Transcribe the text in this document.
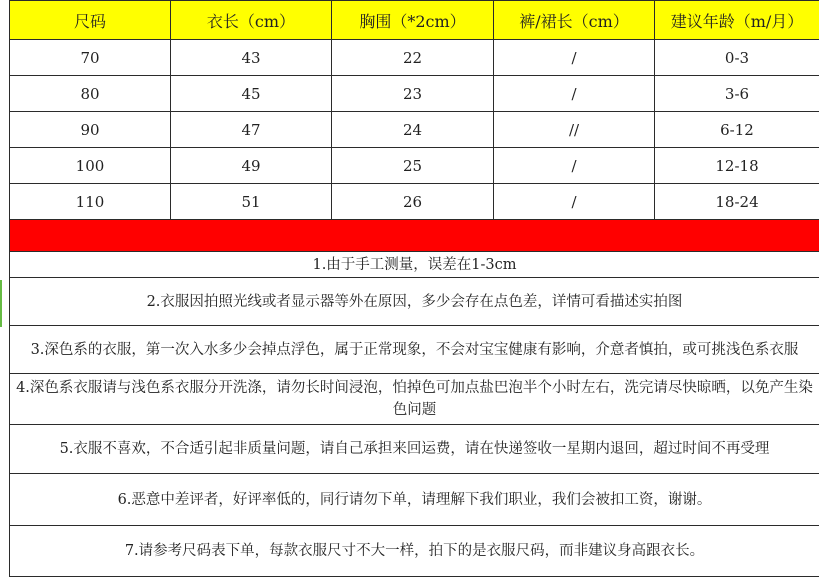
尺码	衣长（cm）	胸围（*2cm）	裤/裙长（cm）	建议年龄（m/月）
70	43	22	/	0-3
80	45	23	/	3-6
90	47	24	//	6-12
100	49	25	/	12-18
110	51	26	/	18-24

1.由于手工测量，误差在1-3cm				
2.衣服因拍照光线或者显示器等外在原因，多少会存在点色差，详情可看描述实拍图				
3.深色系的衣服，第一次入水多少会掉点浮色，属于正常现象，不会对宝宝健康有影响，介意者慎拍，或可挑浅色系衣服				
4.深色系衣服请与浅色系衣服分开洗涤，请勿长时间浸泡，怕掉色可加点盐巴泡半个小时左右，洗完请尽快晾晒，以免产生染色问题				
5.衣服不喜欢，不合适引起非质量问题，请自己承担来回运费，请在快递签收一星期内退回，超过时间不再受理				
6.恶意中差评者，好评率低的，同行请勿下单，请理解下我们职业，我们会被扣工资，谢谢。				
7.请参考尺码表下单，每款衣服尺寸不大一样，拍下的是衣服尺码，而非建议身高跟衣长。				
